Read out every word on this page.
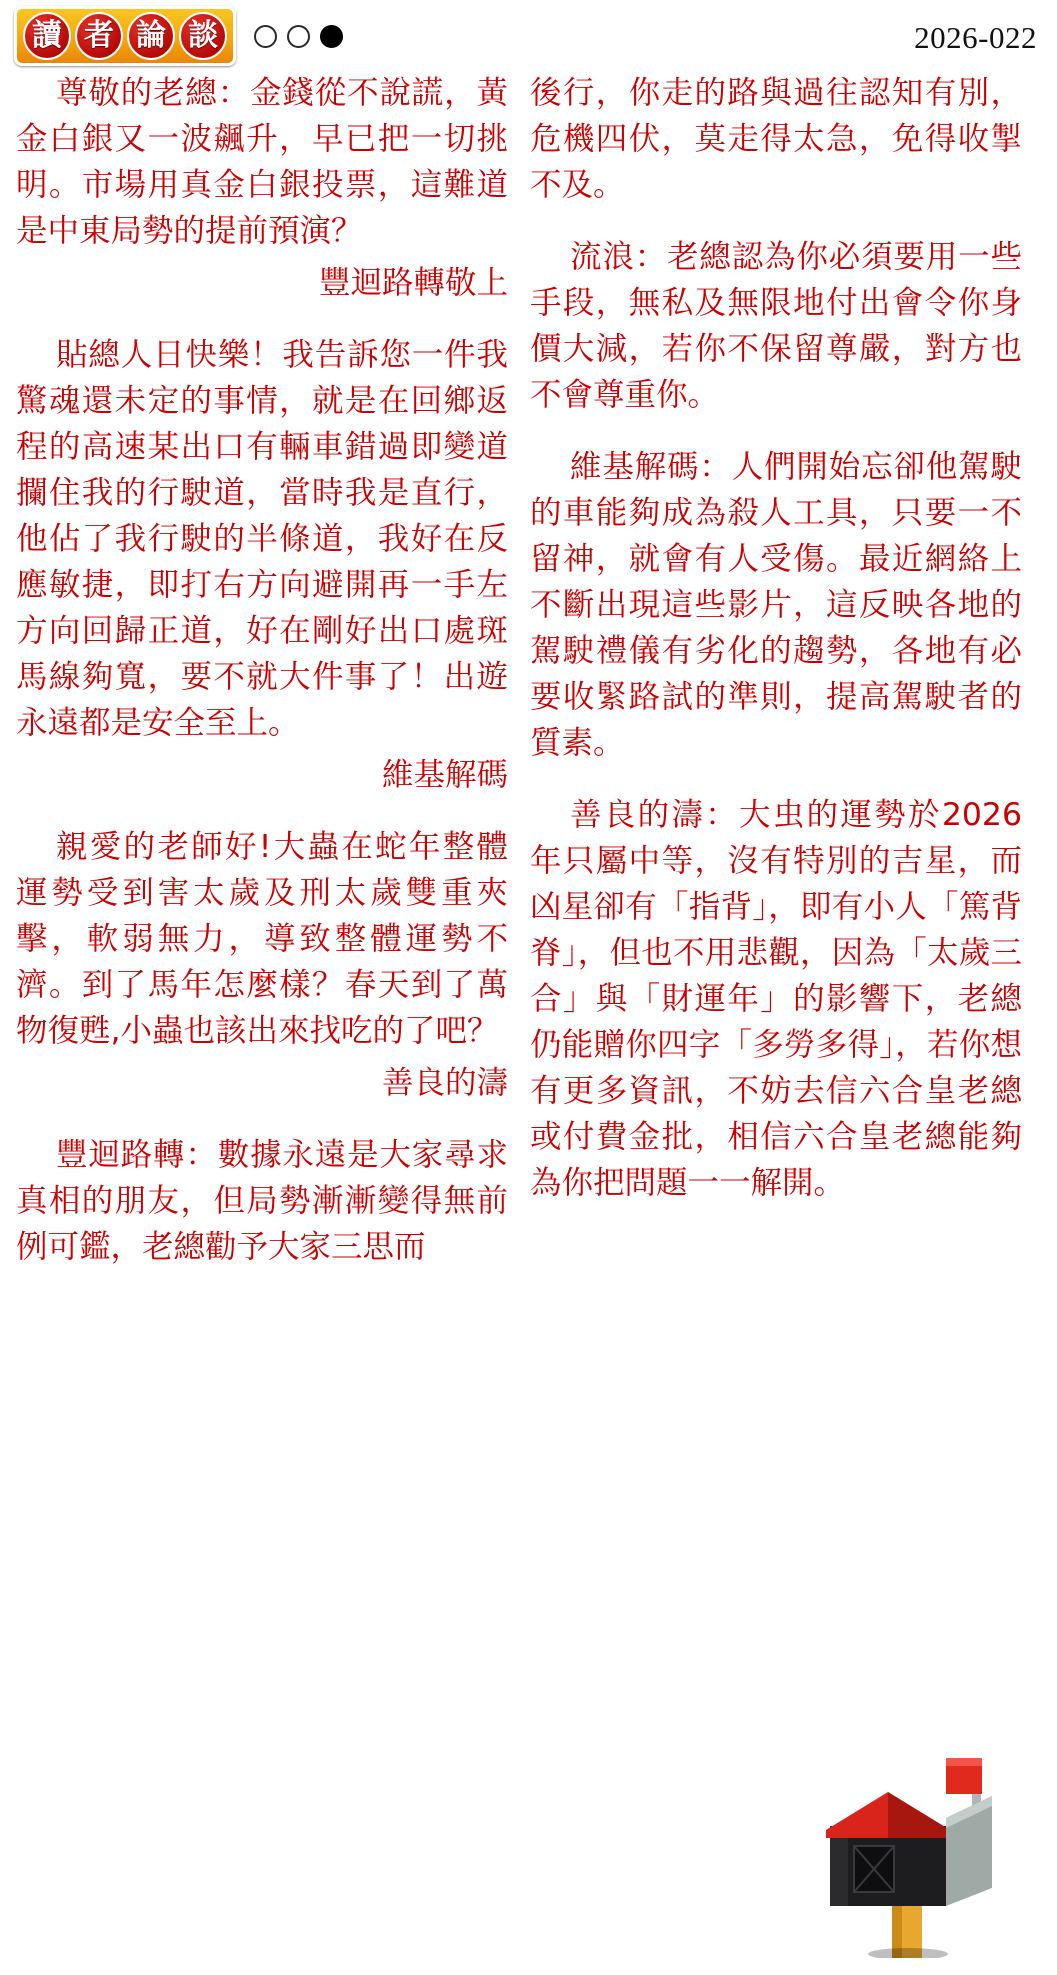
讀 者 論 談	2026-022

尊敬的老總：金錢從不說謊，黃金白銀又一波飆升，早已把一切挑明。市場用真金白銀投票，這難道是中東局勢的提前預演？

豐迴路轉敬上

貼總人日快樂！我告訴您一件我驚魂還未定的事情，就是在回鄉返程的高速某出口有輛車錯過即變道攔住我的行駛道，當時我是直行，他佔了我行駛的半條道，我好在反應敏捷，即打右方向避開再一手左方向回歸正道，好在剛好出口處斑馬線夠寬，要不就大件事了！出遊永遠都是安全至上。

維基解碼

親愛的老師好!大蟲在蛇年整體運勢受到害太歲及刑太歲雙重夾擊，軟弱無力，導致整體運勢不濟。到了馬年怎麼樣？春天到了萬物復甦,小蟲也該出來找吃的了吧？

善良的濤

豐迴路轉：數據永遠是大家尋求真相的朋友，但局勢漸漸變得無前例可鑑，老總勸予大家三思而

後行，你走的路與過往認知有別，危機四伏，莫走得太急，免得收掣不及。

流浪：老總認為你必須要用一些手段，無私及無限地付出會令你身價大減，若你不保留尊嚴，對方也不會尊重你。

維基解碼：人們開始忘卻他駕駛的車能夠成為殺人工具，只要一不留神，就會有人受傷。最近網絡上不斷出現這些影片，這反映各地的駕駛禮儀有劣化的趨勢，各地有必要收緊路試的準則，提高駕駛者的質素。

善良的濤：大虫的運勢於2026年只屬中等，沒有特別的吉星，而凶星卻有「指背」，即有小人「篤背脊」，但也不用悲觀，因為「太歲三合」與「財運年」的影響下，老總仍能贈你四字「多勞多得」，若你想有更多資訊，不妨去信六合皇老總或付費金批，相信六合皇老總能夠為你把問題一一解開。
